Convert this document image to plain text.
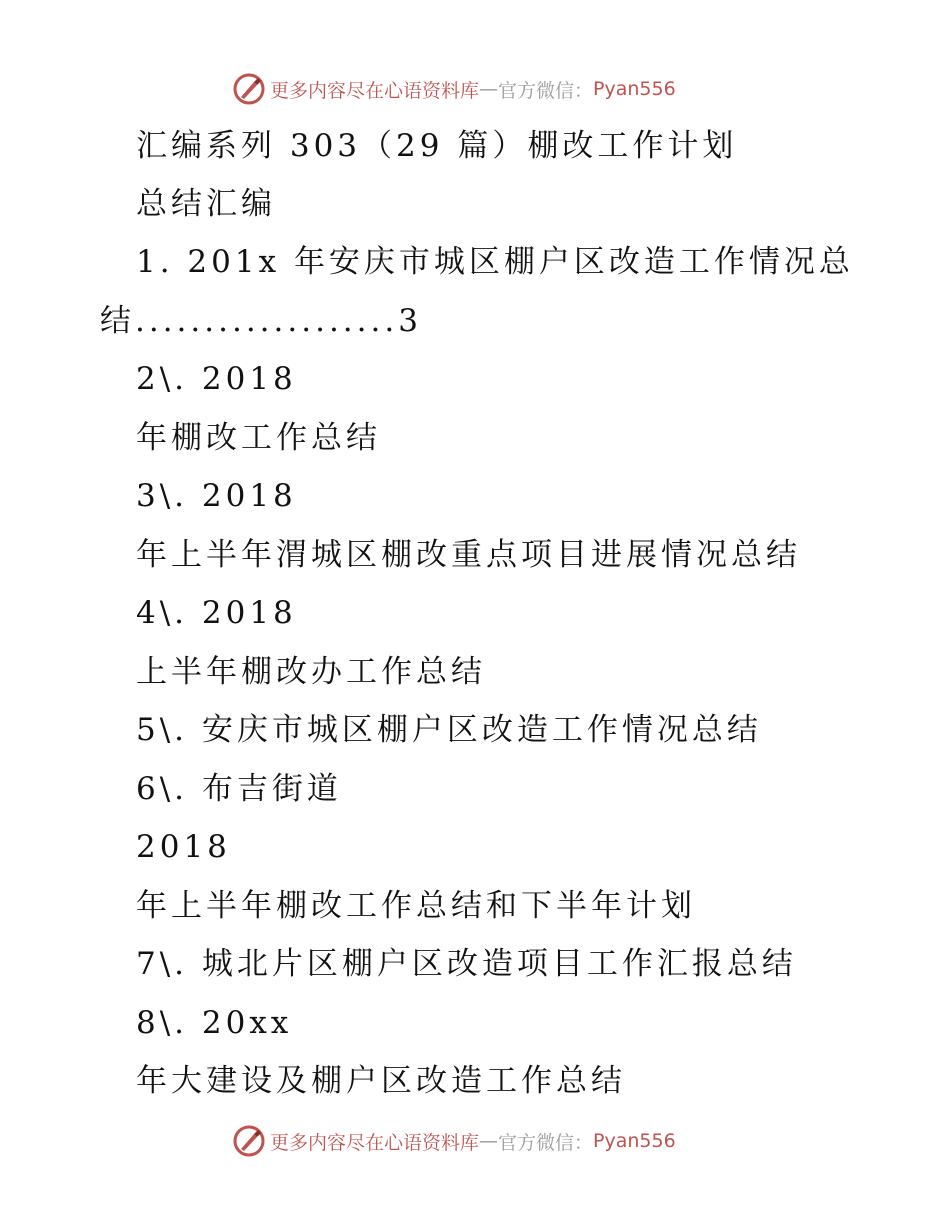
更多内容尽在心语资料库 — 官方微信： Pyan556
汇编系列 303（29 篇）棚改工作计划
总结汇编
1. 201x 年安庆市城区棚户区改造工作情况总
结...................3
2\. 2018
年棚改工作总结
3\. 2018
年上半年渭城区棚改重点项目进展情况总结
4\. 2018
上半年棚改办工作总结
5\. 安庆市城区棚户区改造工作情况总结
6\. 布吉街道
2018
年上半年棚改工作总结和下半年计划
7\. 城北片区棚户区改造项目工作汇报总结
8\. 20xx
年大建设及棚户区改造工作总结
更多内容尽在心语资料库 — 官方微信： Pyan556
